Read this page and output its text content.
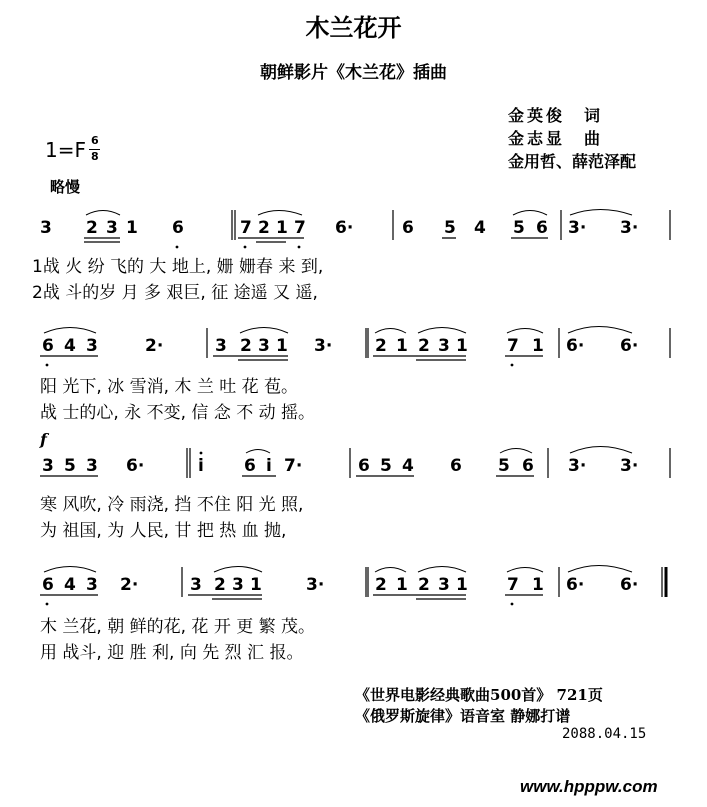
木兰花开
朝鲜影片《木兰花》插曲
金英俊　词
金志显　曲
金用哲、薛范泽配
1=F 6
8
略慢
f
3 2 3 1 6	7 2 1 7 6·	6 5 4 5 6 3· 3·
6 4 3	2·	3 2 3 1 3·	2 1 2 3 1 7 1 6· 6·
3 5 3 6·	i 6 i 7·	6 5 4 6 5 6 3· 3·
6 4 3 2·	3 2 3 1	3·	2 1 2 3 1 7 1 6· 6·
1战 火 纷 飞的 大 地上, 姗 姗春 来 到,
2战 斗的岁 月 多 艰巨, 征 途遥 又 遥,
阳 光下, 冰 雪消, 木 兰 吐 花 苞。
战 士的心, 永 不变, 信 念 不 动 摇。
寒 风吹, 冷 雨浇, 挡 不住 阳 光 照,
为 祖国, 为 人民, 甘 把 热 血 抛,
木 兰花, 朝 鲜的花, 花 开 更 繁 茂。
用 战斗, 迎 胜 利, 向 先 烈 汇 报。
《世界电影经典歌曲500首》 721页
《俄罗斯旋律》语音室 静娜打谱
2088.04.15
www.hpppw.com
